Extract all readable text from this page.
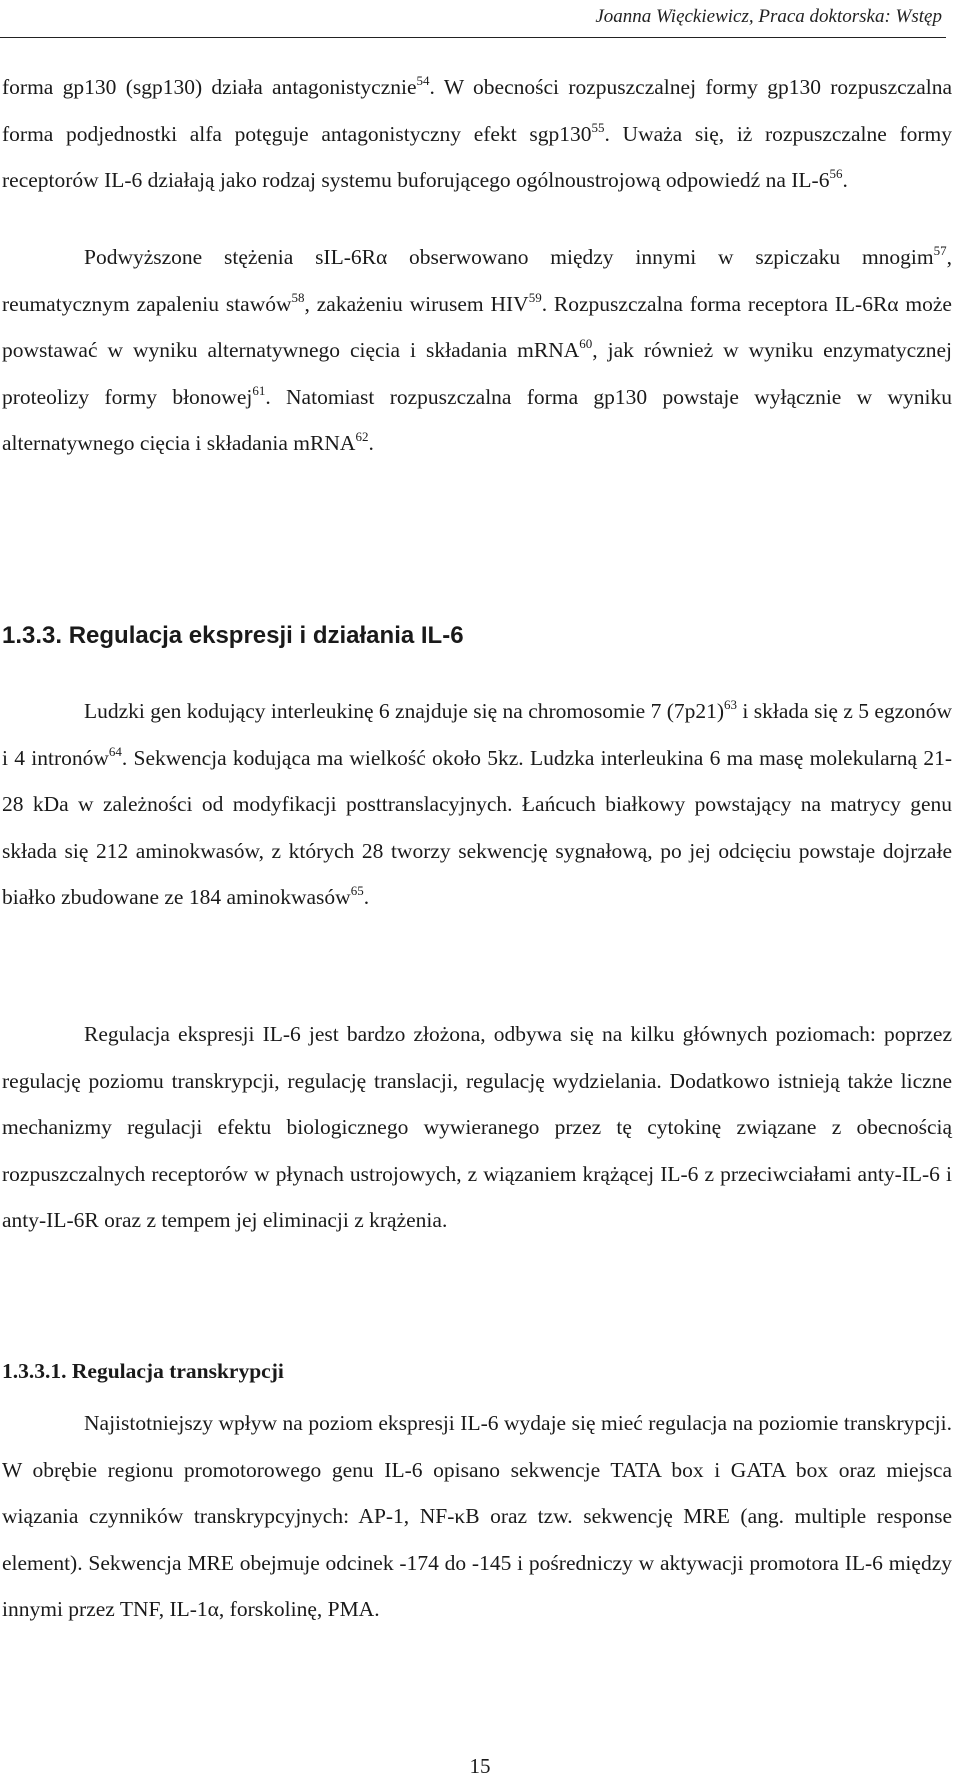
Joanna Więckiewicz, Praca doktorska: Wstęp

forma gp130 (sgp130) działa antagonistycznie$^{54}$. W obecności rozpuszczalnej formy gp130 rozpuszczalna forma podjednostki alfa potęguje antagonistyczny efekt $sgp130^{55}$. Uważa się, iż rozpuszczalne formy receptorów IL-6 działają jako rodzaj systemu buforującego ogólnoustrojową odpowiedź na $IL-6^{56}$.

Podwyższone stężenia sIL-6Rα obserwowano między innymi w szpiczaku mnogim$^{57}$, reumatycznym zapaleniu stawów$^{58}$, zakażeniu wirusem HIV$^{59}$. Rozpuszczalna forma receptora IL-6Rα może powstawać w wyniku alternatywnego cięcia i składania mRNA$^{60}$, jak również w wyniku enzymatycznej proteolizy formy błonowej$^{61}$. Natomiast rozpuszczalna forma gp130 powstaje wyłącznie w wyniku alternatywnego cięcia i składania mRNA$^{62}$.

1.3.3. Regulacja ekspresji i działania IL-6

Ludzki gen kodujący interleukinę 6 znajduje się na chromosomie 7 $(7p21)^{63}$ i składa się z 5 egzonów i 4 intronów$^{64}$. Sekwencja kodująca ma wielkość około 5kz. Ludzka interleukina 6 ma masę molekularną 21-28 kDa w zależności od modyfikacji posttranslacyjnych. Łańcuch białkowy powstający na matrycy genu składa się 212 aminokwasów, z których 28 tworzy sekwencję sygnałową, po jej odcięciu powstaje dojrzałe białko zbudowane ze 184 aminokwasów$^{65}$.

Regulacja ekspresji IL-6 jest bardzo złożona, odbywa się na kilku głównych poziomach: poprzez regulację poziomu transkrypcji, regulację translacji, regulację wydzielania. Dodatkowo istnieją także liczne mechanizmy regulacji efektu biologicznego wywieranego przez tę cytokinę związane z obecnością rozpuszczalnych receptorów w płynach ustrojowych, z wiązaniem krążącej IL-6 z przeciwciałami anty-IL-6 i anty-IL-6R oraz z tempem jej eliminacji z krążenia.

1.3.3.1. Regulacja transkrypcji

Najistotniejszy wpływ na poziom ekspresji IL-6 wydaje się mieć regulacja na poziomie transkrypcji. W obrębie regionu promotorowego genu IL-6 opisano sekwencje TATA box i GATA box oraz miejsca wiązania czynników transkrypcyjnych: AP-1, NF-κB oraz tzw. sekwencję MRE (ang. multiple response element). Sekwencja MRE obejmuje odcinek -174 do -145 i pośredniczy w aktywacji promotora IL-6 między innymi przez TNF, IL-1α, forskolinę, PMA.

15
